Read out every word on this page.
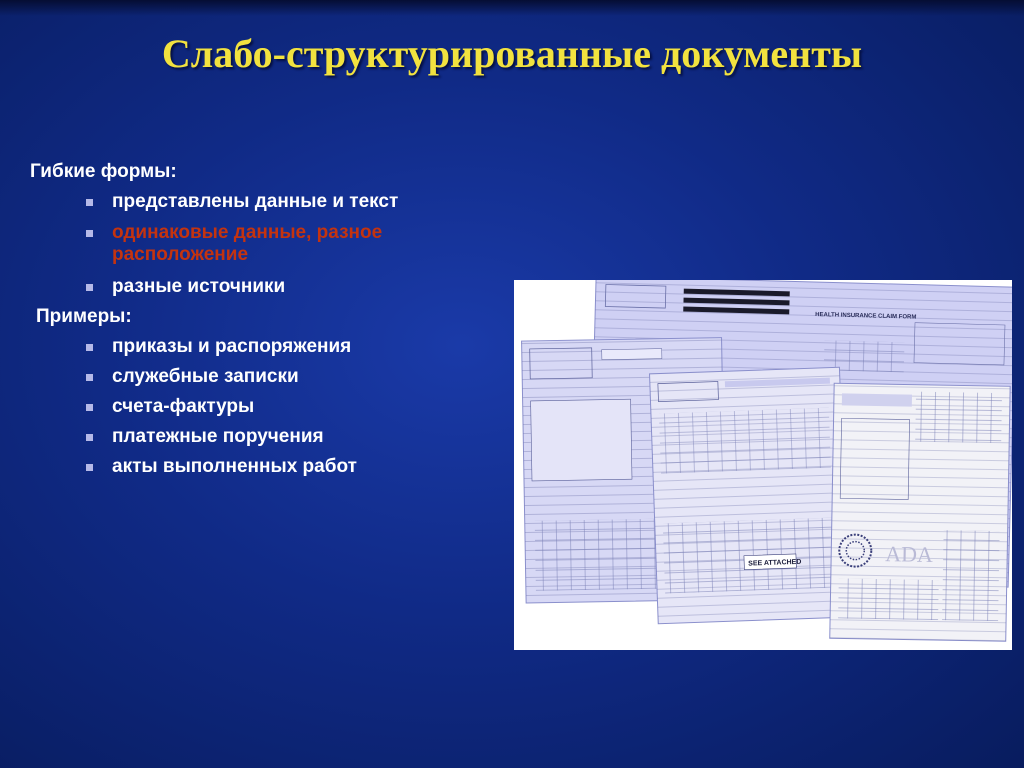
Слабо-структурированные документы
Гибкие формы:
представлены данные и текст
одинаковые данные, разное расположение
разные источники
Примеры:
приказы и распоряжения
служебные записки
счета-фактуры
платежные поручения
акты выполненных работ
HEALTH INSURANCE CLAIM FORM
SEE ATTACHED	ADA
